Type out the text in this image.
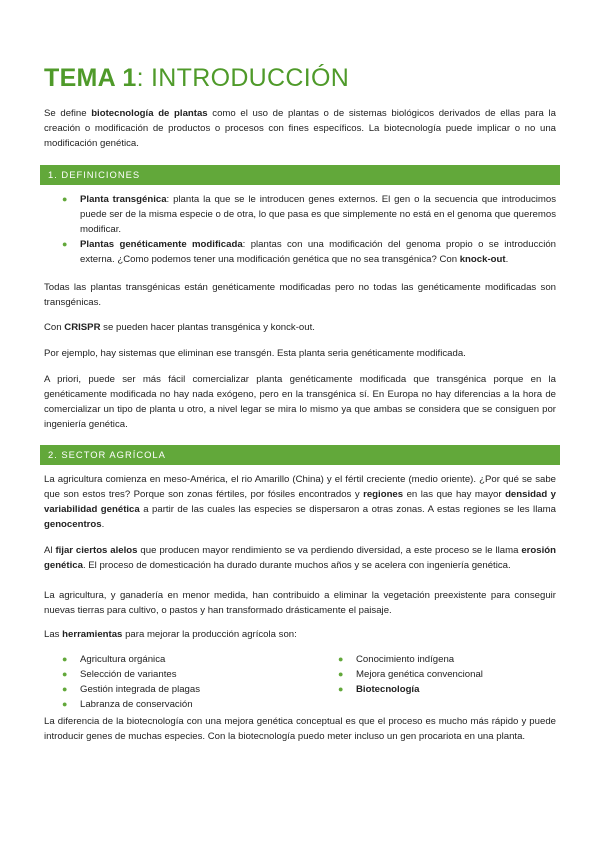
TEMA 1: INTRODUCCIÓN

Se define biotecnología de plantas como el uso de plantas o de sistemas biológicos derivados de ellas para la creación o modificación de productos o procesos con fines específicos. La biotecnología puede implicar o no una modificación genética.

1. DEFINICIONES
● Planta transgénica: planta la que se le introducen genes externos. El gen o la secuencia que introducimos puede ser de la misma especie o de otra, lo que pasa es que simplemente no está en el genoma que queremos modificar.
● Plantas genéticamente modificada: plantas con una modificación del genoma propio o se introducción externa. ¿Como podemos tener una modificación genética que no sea transgénica? Con knock-out.

Todas las plantas transgénicas están genéticamente modificadas pero no todas las genéticamente modificadas son transgénicas.

Con CRISPR se pueden hacer plantas transgénica y konck-out.

Por ejemplo, hay sistemas que eliminan ese transgén. Esta planta seria genéticamente modificada.

A priori, puede ser más fácil comercializar planta genéticamente modificada que transgénica porque en la genéticamente modificada no hay nada exógeno, pero en la transgénica sí. En Europa no hay diferencias a la hora de comercializar un tipo de planta u otro, a nivel legar se mira lo mismo ya que ambas se considera que se consiguen por ingeniería genética.

2. SECTOR AGRÍCOLA

La agricultura comienza en meso-América, el rio Amarillo (China) y el fértil creciente (medio oriente). ¿Por qué se sabe que son estos tres? Porque son zonas fértiles, por fósiles encontrados y regiones en las que hay mayor densidad y variabilidad genética a partir de las cuales las especies se dispersaron a otras zonas. A estas regiones se les llama genocentros.

Al fijar ciertos alelos que producen mayor rendimiento se va perdiendo diversidad, a este proceso se le llama erosión genética. El proceso de domesticación ha durado durante muchos años y se acelera con ingeniería genética.

La agricultura, y ganadería en menor medida, han contribuido a eliminar la vegetación preexistente para conseguir nuevas tierras para cultivo, o pastos y han transformado drásticamente el paisaje.

Las herramientas para mejorar la producción agrícola son:

● Agricultura orgánica
● Selección de variantes
● Gestión integrada de plagas
● Labranza de conservación
● Conocimiento indígena
● Mejora genética convencional
● Biotecnología

La diferencia de la biotecnología con una mejora genética conceptual es que el proceso es mucho más rápido y puede introducir genes de muchas especies. Con la biotecnología puedo meter incluso un gen procariota en una planta.
